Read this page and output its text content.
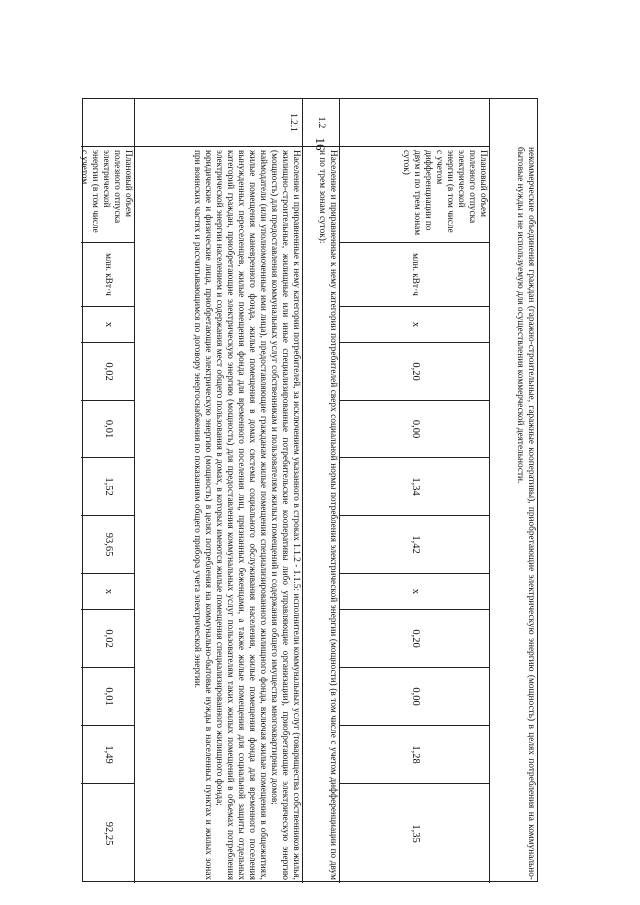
16
некоммерческие объединения граждан (гаражно-строительные, гаражные кооперативы), приобретающие электрическую энергию (мощность) в целях потребления на коммунально-бытовые нужды и не используемую для осуществления коммерческой деятельности.
Плановый объем полезного отпуска электрической энергии (в том числе с учетом дифференциации по двум и по трем зонам суток)
млн. кВт·ч
х
0,20
0,00
1,34
1,42
х
0,20
0,00
1,28
1,35
1.2
Население и приравненные к нему категории потребителей сверх социальной нормы потребления электрической энергии (мощности) (в том числе с учетом дифференциации по двум и по трем зонам суток):
1.2.1

Население и приравненные к нему категории потребителей, за исключением указанного в строках 1.1.2 - 1.1.5: исполнители коммунальных услуг (товарищества собственников жилья, жилищно-строительные, жилищные или иные специализированные потребительские кооперативы либо управляющие организации), приобретающие электрическую энергию (мощность) для предоставления коммунальных услуг собственникам и пользователям жилых помещений и содержания общего имущества многоквартирных домов;

наймодатели (или уполномоченные ими лица), предоставляющие гражданам жилые помещения специализированного жилищного фонда, включая жилые помещения в общежитиях, жилые помещения маневренного фонда, жилые помещения в домах системы социального обслуживания населения, жилые помещения фонда для временного поселения вынужденных переселенцев, жилые помещения фонда для временного поселения лиц, признанных беженцами, а также жилые помещения для социальной защиты отдельных категорий граждан, приобретающие электрическую энергию (мощность) для предоставления коммунальных услуг пользователям таких жилых помещений в объемах потребления электрической энергии населением и содержания мест общего пользования в домах, в которых имеются жилые помещения специализированного жилищного фонда;

юридические и физические лица, приобретающие электрическую энергию (мощность) в целях потребления на коммунально-бытовые нужды в населенных пунктах и жилых зонах при воинских частях и рассчитывающимся по договору энергоснабжения по показаниям общего прибора учета электрической энергии.

Плановый объем полезного отпуска электрической энергии (в том числе с учетом
млн. кВт·ч
х
0,02
0,01
1,52
93,65
х
0,02
0,01
1,49
92,25
